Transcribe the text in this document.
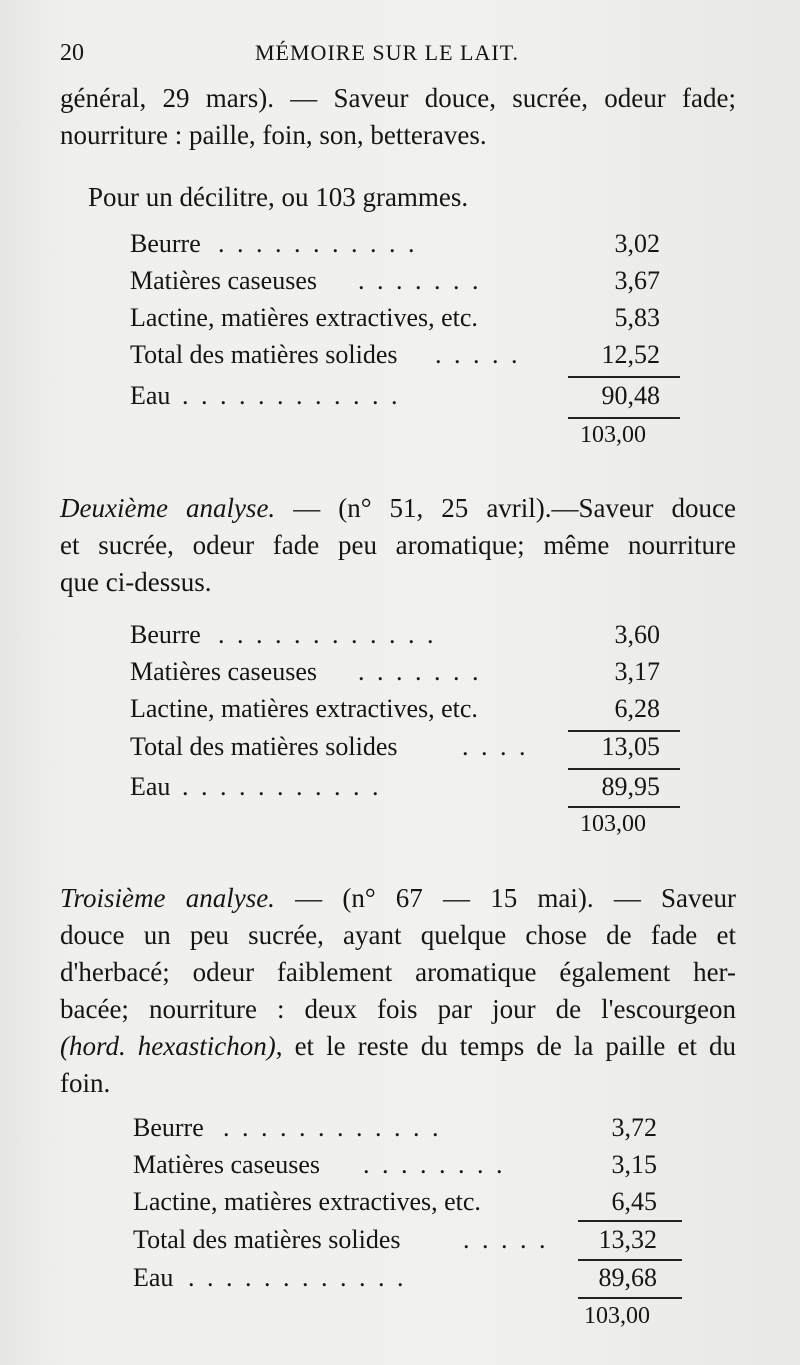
20	MÉMOIRE SUR LE LAIT.
général, 29 mars). — Saveur douce, sucrée, odeur fade;
nourriture : paille, foin, son, betteraves.
Pour un décilitre, ou 103 grammes.
Beurre . . . . . . . . . . .	3,02
Matières caseuses . . . . . . .	3,67
Lactine, matières extractives, etc.	5,83
Total des matières solides . . . . .	12,52
Eau . . . . . . . . . . . .	90,48
103,00
Deuxième analyse. — (n° 51, 25 avril).—Saveur douce
et sucrée, odeur fade peu aromatique; même nourriture
que ci-dessus.
Beurre . . . . . . . . . . . .	3,60
Matières caseuses . . . . . . .	3,17
Lactine, matières extractives, etc.	6,28
Total des matières solides . . . .	13,05
Eau . . . . . . . . . . .	89,95
103,00
Troisième analyse. — (n° 67 — 15 mai). — Saveur
douce un peu sucrée, ayant quelque chose de fade et
d'herbacé; odeur faiblement aromatique également her-
bacée; nourriture : deux fois par jour de l'escourgeon
(hord. hexastichon), et le reste du temps de la paille et du
foin.
Beurre . . . . . . . . . . . .	3,72
Matières caseuses . . . . . . . .	3,15
Lactine, matières extractives, etc.	6,45
Total des matières solides . . . . . 13,32
Eau . . . . . . . . . . . .	89,68
103,00
